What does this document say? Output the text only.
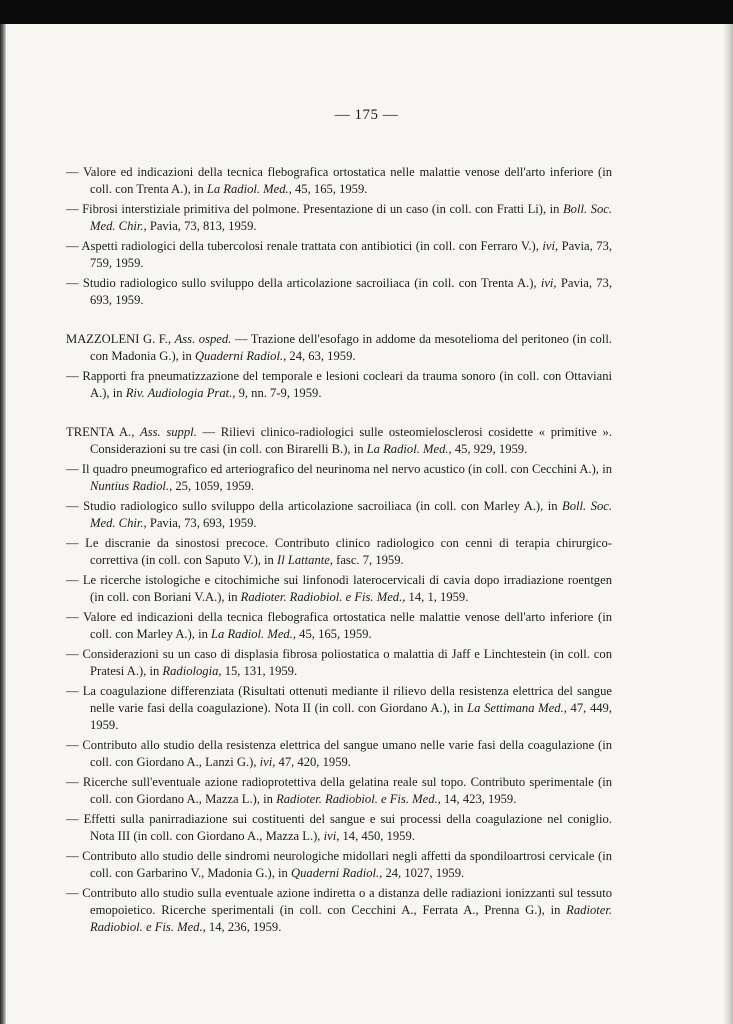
— 175 —

— Valore ed indicazioni della tecnica flebografica ortostatica nelle malattie venose dell'arto inferiore (in coll. con Trenta A.), in La Radiol. Med., 45, 165, 1959.

— Fibrosi interstiziale primitiva del polmone. Presentazione di un caso (in coll. con Fratti Li), in Boll. Soc. Med. Chir., Pavia, 73, 813, 1959.

— Aspetti radiologici della tubercolosi renale trattata con antibiotici (in coll. con Ferraro V.), ivi, Pavia, 73, 759, 1959.

— Studio radiologico sullo sviluppo della articolazione sacroiliaca (in coll. con Trenta A.), ivi, Pavia, 73, 693, 1959.

MAZZOLENI G. F., Ass. osped. — Trazione dell'esofago in addome da mesotelioma del peritoneo (in coll. con Madonia G.), in Quaderni Radiol., 24, 63, 1959.

— Rapporti fra pneumatizzazione del temporale e lesioni cocleari da trauma sonoro (in coll. con Ottaviani A.), in Riv. Audiologia Prat., 9, nn. 7-9, 1959.

TRENTA A., Ass. suppl. — Rilievi clinico-radiologici sulle osteomielosclerosi cosidette « primitive ». Considerazioni su tre casi (in coll. con Birarelli B.), in La Radiol. Med., 45, 929, 1959.

— Il quadro pneumografico ed arteriografico del neurinoma nel nervo acustico (in coll. con Cecchini A.), in Nuntius Radiol., 25, 1059, 1959.

— Studio radiologico sullo sviluppo della articolazione sacroiliaca (in coll. con Marley A.), in Boll. Soc. Med. Chir., Pavia, 73, 693, 1959.

— Le discranie da sinostosi precoce. Contributo clinico radiologico con cenni di terapia chirurgico-correttiva (in coll. con Saputo V.), in Il Lattante, fasc. 7, 1959.

— Le ricerche istologiche e citochimiche sui linfonodi laterocervicali di cavia dopo irradiazione roentgen (in coll. con Boriani V.A.), in Radioter. Radiobiol. e Fis. Med., 14, 1, 1959.

— Valore ed indicazioni della tecnica flebografica ortostatica nelle malattie venose dell'arto inferiore (in coll. con Marley A.), in La Radiol. Med., 45, 165, 1959.

— Considerazioni su un caso di displasia fibrosa poliostatica o malattia di Jaff e Linchtestein (in coll. con Pratesi A.), in Radiologia, 15, 131, 1959.

— La coagulazione differenziata (Risultati ottenuti mediante il rilievo della resistenza elettrica del sangue nelle varie fasi della coagulazione). Nota II (in coll. con Giordano A.), in La Settimana Med., 47, 449, 1959.

— Contributo allo studio della resistenza elettrica del sangue umano nelle varie fasi della coagulazione (in coll. con Giordano A., Lanzi G.), ivi, 47, 420, 1959.

— Ricerche sull'eventuale azione radioprotettiva della gelatina reale sul topo. Contributo sperimentale (in coll. con Giordano A., Mazza L.), in Radioter. Radiobiol. e Fis. Med., 14, 423, 1959.

— Effetti sulla panirradiazione sui costituenti del sangue e sui processi della coagulazione nel coniglio. Nota III (in coll. con Giordano A., Mazza L.), ivi, 14, 450, 1959.

— Contributo allo studio delle sindromi neurologiche midollari negli affetti da spondiloartrosi cervicale (in coll. con Garbarino V., Madonia G.), in Quaderni Radiol., 24, 1027, 1959.

— Contributo allo studio sulla eventuale azione indiretta o a distanza delle radiazioni ionizzanti sul tessuto emopoietico. Ricerche sperimentali (in coll. con Cecchini A., Ferrata A., Prenna G.), in Radioter. Radiobiol. e Fis. Med., 14, 236, 1959.
